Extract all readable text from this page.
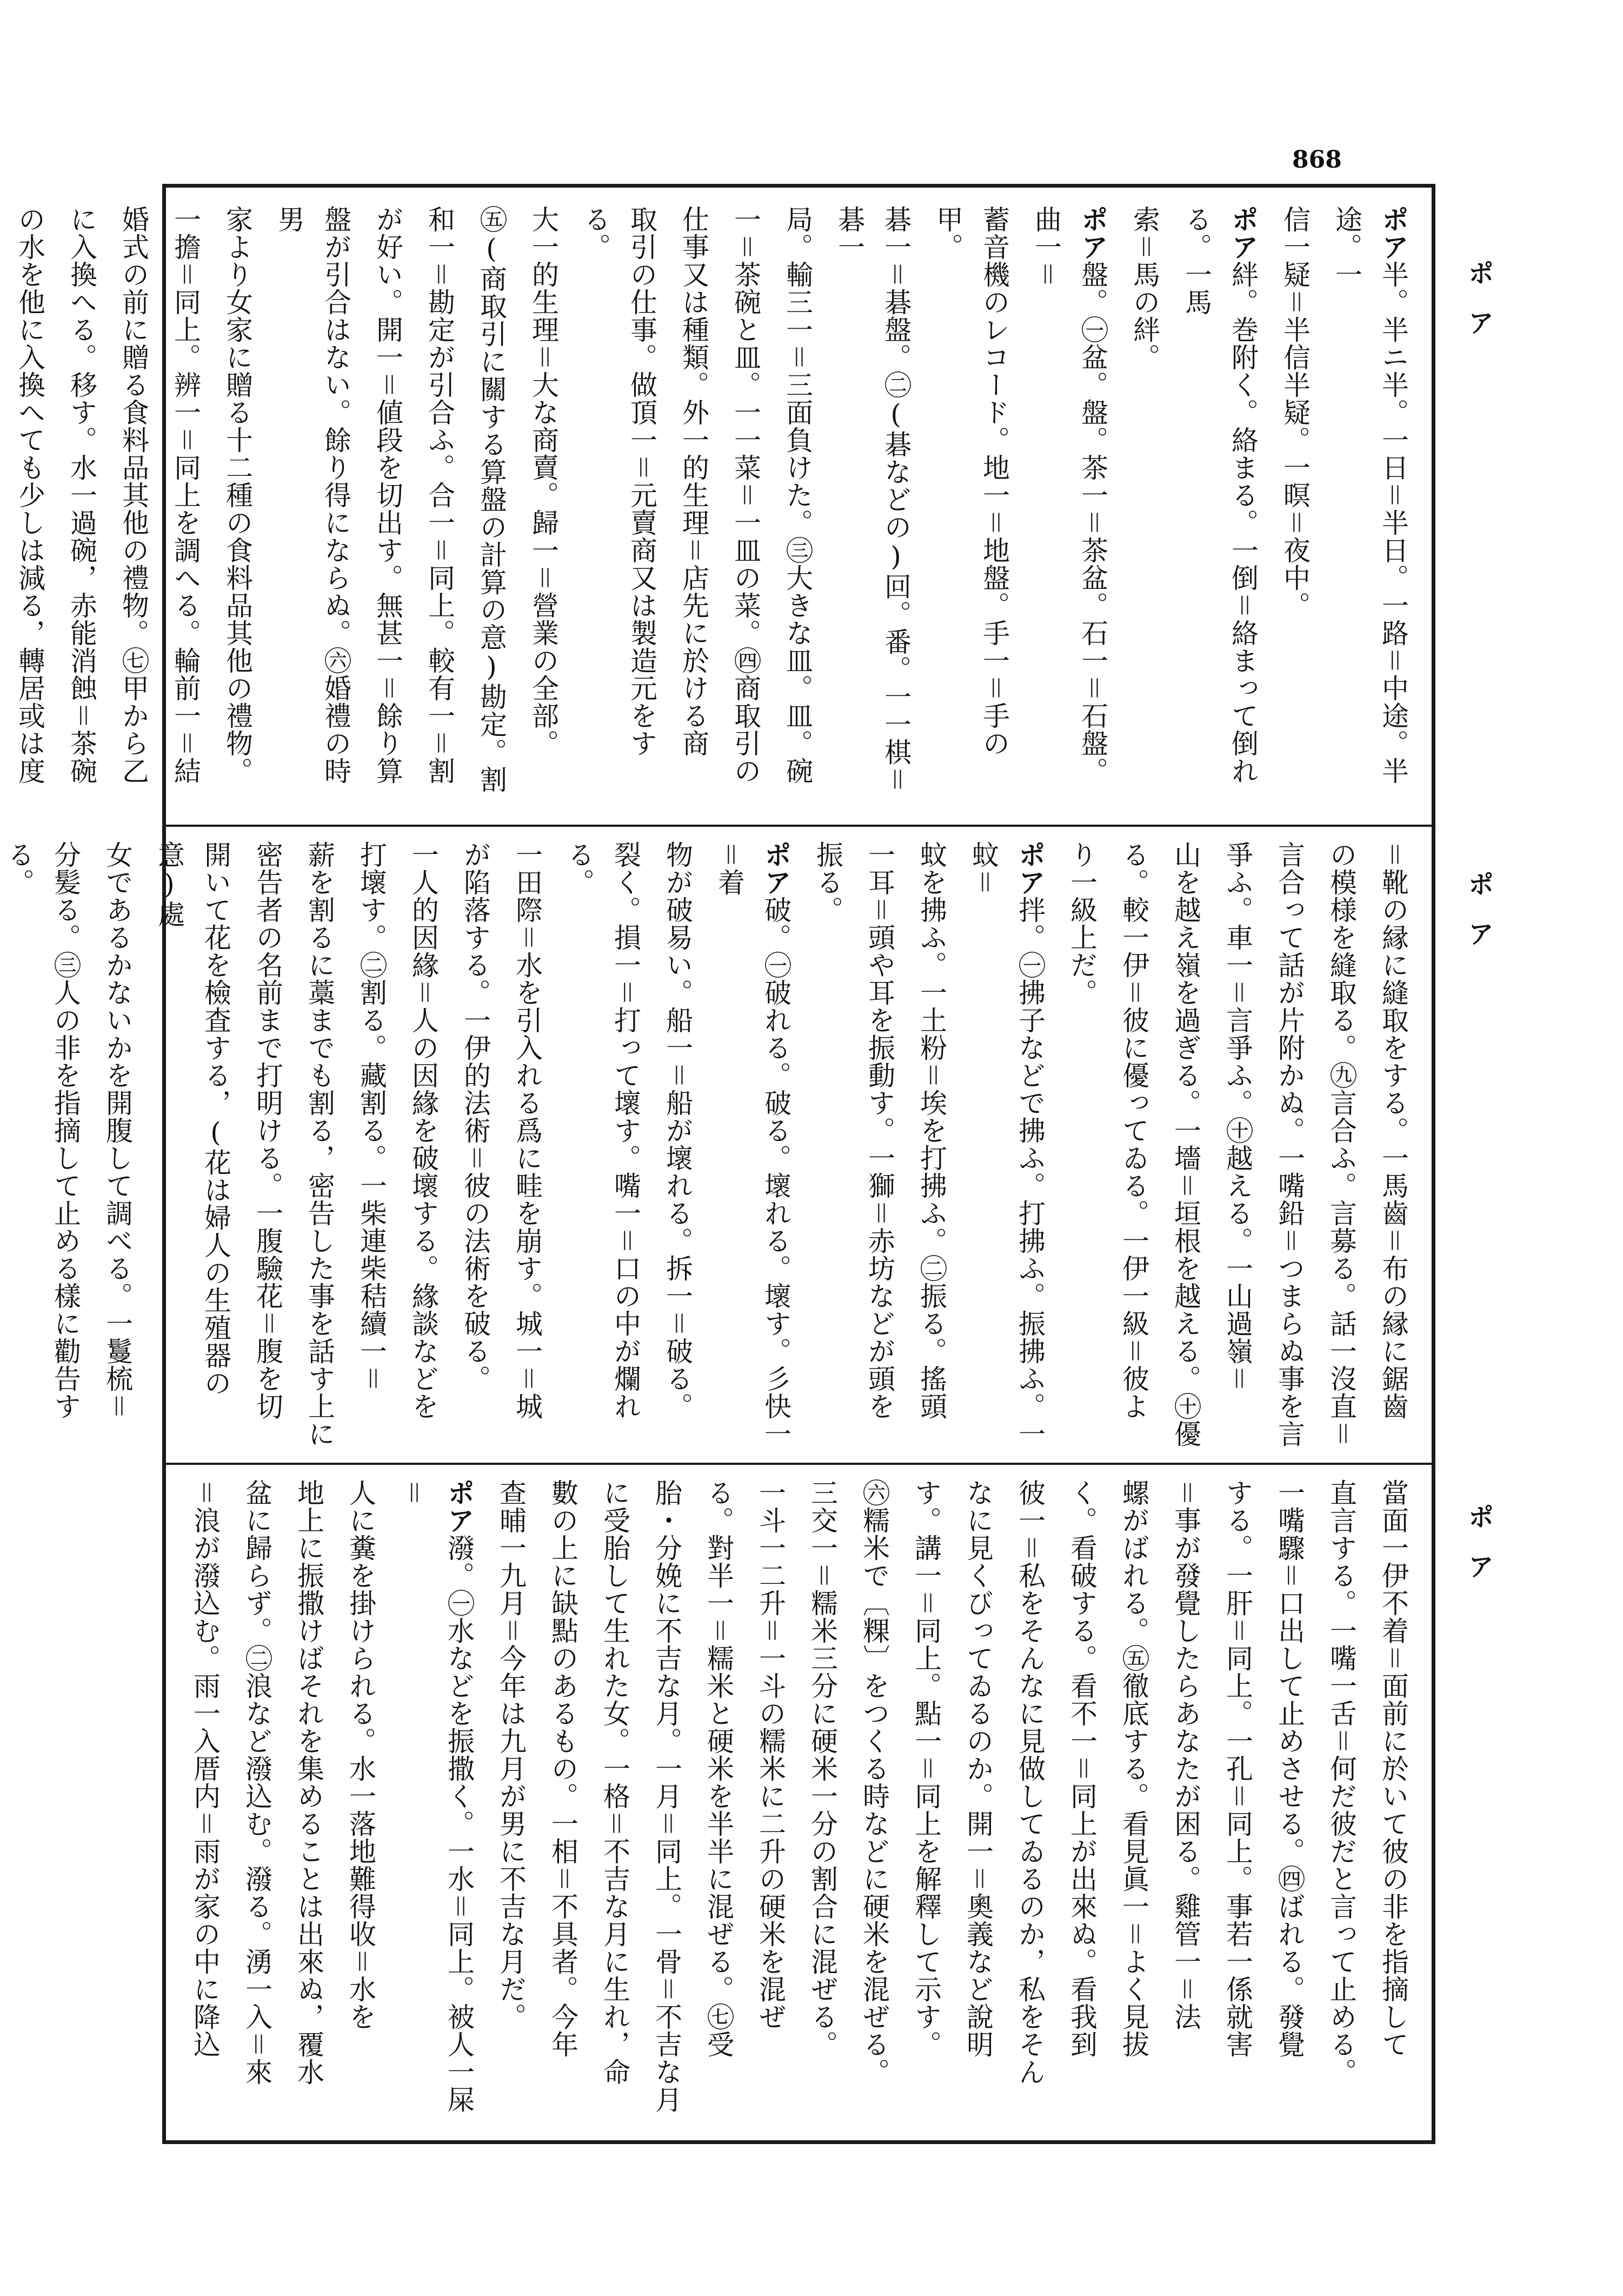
868
ポ ア
ポ ア
ポ ア
ポア半。半ニ半。一日＝半日。一路＝中途。半途。一
信一疑＝半信半疑。一暝＝夜中。
ポア絆。巻附く。絡まる。一倒＝絡まって倒れる。一馬
索＝馬の絆。
ポア盤。㊀盆。盤。茶一＝茶盆。石一＝石盤。曲一＝
蓄音機のレコード。地一＝地盤。手一＝手の甲。
碁一＝碁盤。㊁(碁などの)回。番。一一棋＝碁一
局。輸三一＝三面負けた。㊂大きな皿。皿。碗
一＝茶碗と皿。一一菜＝一皿の菜。㊃商取引の
仕事又は種類。外一的生理＝店先に於ける商
取引の仕事。做頂一＝元賣商又は製造元をする。
大一的生理＝大な商賣。歸一＝營業の全部。
㊄(商取引に關する算盤の計算の意)勘定。割
和一＝勘定が引合ふ。合一＝同上。較有一＝割
が好い。開一＝値段を切出す。無甚一＝餘り算
盤が引合はない。餘り得にならぬ。㊅婚禮の時男
家より女家に贈る十二種の食料品其他の禮物。
一擔＝同上。辨一＝同上を調へる。輪前一＝結
婚式の前に贈る食料品其他の禮物。㊆甲から乙
に入換へる。移す。水一過碗，赤能消蝕＝茶碗
の水を他に入換へても少しは減る，轉居或は度
＝靴の縁に縫取をする。一馬齒＝布の縁に鋸齒
の模様を縫取る。㊈言合ふ。言募る。話一沒直＝
言合って話が片附かぬ。一嘴鉛＝つまらぬ事を言
爭ふ。車一＝言爭ふ。㊉越える。一山過嶺＝
山を越え嶺を過ぎる。一墻＝垣根を越える。㊉優
る。較一伊＝彼に優ってゐる。一伊一級＝彼よ
り一級上だ。
ポア拌。㊀拂子などで拂ふ。打拂ふ。振拂ふ。一蚊＝
蚊を拂ふ。一土粉＝埃を打拂ふ。㊁振る。搖頭
一耳＝頭や耳を振動す。一獅＝赤坊などが頭を
振る。
ポア破。㊀破れる。破る。壞れる。壞す。彡快一＝着
物が破易い。船一＝船が壞れる。拆一＝破る。
裂く。損一＝打って壞す。嘴一＝口の中が爛れる。
一田際＝水を引入れる爲に畦を崩す。城一＝城
が陷落する。一伊的法術＝彼の法術を破る。
一人的因緣＝人の因緣を破壞する。緣談などを
打壞す。㊁割る。藏割る。一柴連柴秸續一＝
薪を割るに藁までも割る，密告した事を話す上に
密告者の名前まで打明ける。一腹驗花＝腹を切
開いて花を檢査する，(花は婦人の生殖器の意)處
女であるかないかを開腹して調べる。一鬘梳＝
分髪る。㊂人の非を指摘して止める樣に勸告する。
當面一伊不着＝面前に於いて彼の非を指摘して
直言する。一嘴一舌＝何だ彼だと言って止める。
一嘴驟＝口出して止めさせる。㊃ばれる。發覺
する。一肝＝同上。一孔＝同上。事若一係就害
＝事が發覺したらあなたが困る。雞管一＝法
螺がばれる。㊄徹底する。看見眞一＝よく見拔
く。看破する。看不一＝同上が出來ぬ。看我到
彼一＝私をそんなに見做してゐるのか，私をそん
なに見くびってゐるのか。開一＝奧義など說明
す。講一＝同上。點一＝同上を解釋して示す。
㊅糯米で〔粿〕をつくる時などに硬米を混ぜる。
三交一＝糯米三分に硬米一分の割合に混ぜる。
一斗一二升＝一斗の糯米に二升の硬米を混ぜ
る。對半一＝糯米と硬米を半半に混ぜる。㊆受
胎・分娩に不吉な月。一月＝同上。一骨＝不吉な月
に受胎して生れた女。一格＝不吉な月に生れ，命
數の上に缺點のあるもの。一相＝不具者。今年
查晡一九月＝今年は九月が男に不吉な月だ。
ポア潑。㊀水などを振撒く。一水＝同上。被人一屎＝
人に糞を掛けられる。水一落地難得收＝水を
地上に振撒けばそれを集めることは出來ぬ，覆水
盆に歸らず。㊁浪など潑込む。潑る。湧一入＝來
＝浪が潑込む。雨一入厝内＝雨が家の中に降込
